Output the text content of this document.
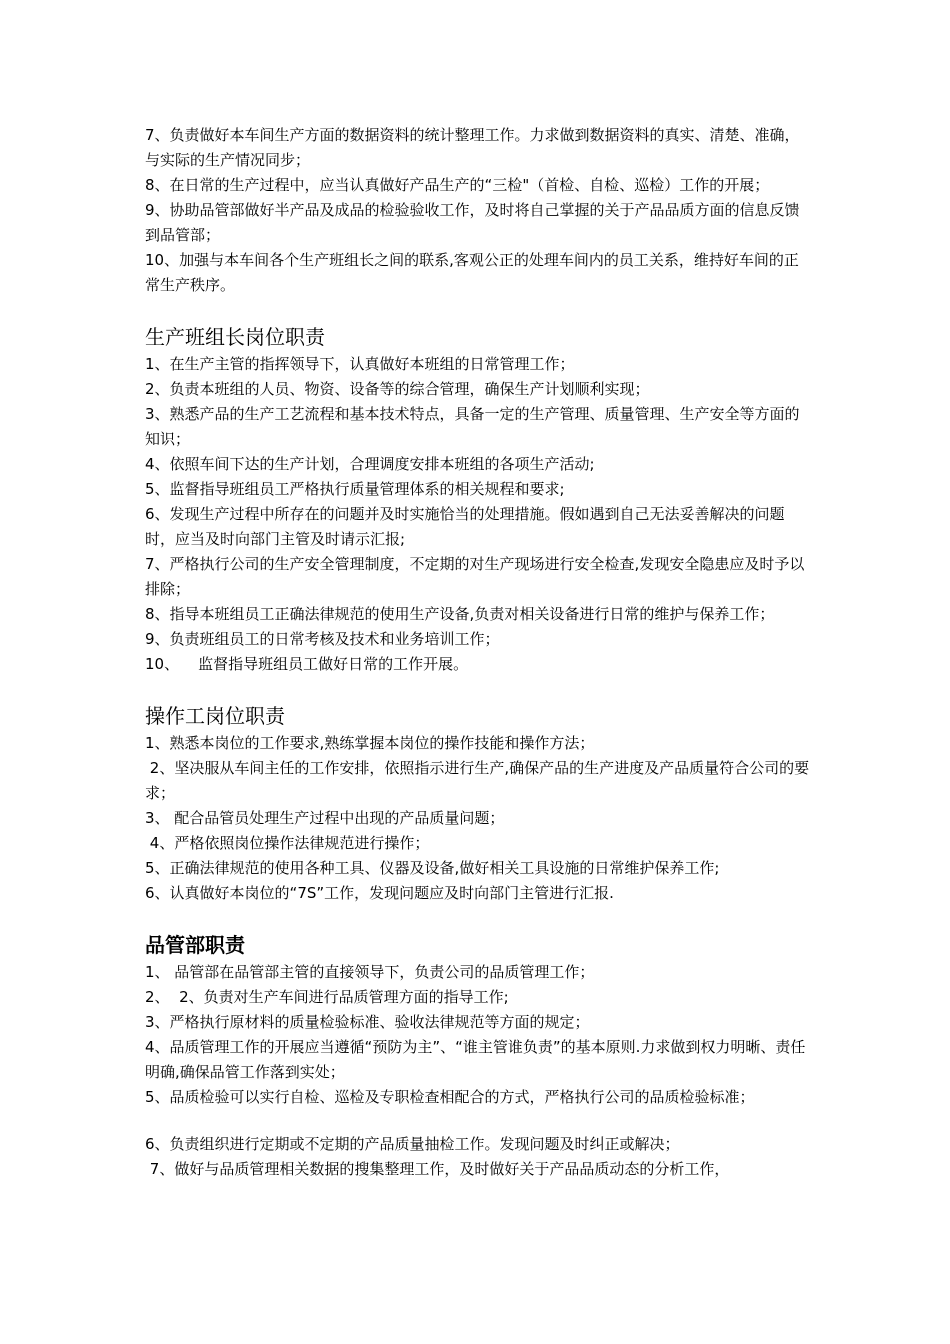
7、负责做好本车间生产方面的数据资料的统计整理工作。力求做到数据资料的真实、清楚、准确，与实际的生产情况同步；

8、在日常的生产过程中，应当认真做好产品生产的“三检"（首检、自检、巡检）工作的开展；

9、协助品管部做好半产品及成品的检验验收工作，及时将自己掌握的关于产品品质方面的信息反馈到品管部；

10、加强与本车间各个生产班组长之间的联系,客观公正的处理车间内的员工关系，维持好车间的正常生产秩序。

生产班组长岗位职责

1、在生产主管的指挥领导下，认真做好本班组的日常管理工作；

2、负责本班组的人员、物资、设备等的综合管理，确保生产计划顺利实现；

3、熟悉产品的生产工艺流程和基本技术特点，具备一定的生产管理、质量管理、生产安全等方面的知识；

4、依照车间下达的生产计划，合理调度安排本班组的各项生产活动;

5、监督指导班组员工严格执行质量管理体系的相关规程和要求;

6、发现生产过程中所存在的问题并及时实施恰当的处理措施。假如遇到自己无法妥善解决的问题时，应当及时向部门主管及时请示汇报;

7、严格执行公司的生产安全管理制度，不定期的对生产现场进行安全检查,发现安全隐患应及时予以排除；

8、指导本班组员工正确法律规范的使用生产设备,负责对相关设备进行日常的维护与保养工作；

9、负责班组员工的日常考核及技术和业务培训工作；

10、    监督指导班组员工做好日常的工作开展。

操作工岗位职责

1、熟悉本岗位的工作要求,熟练掌握本岗位的操作技能和操作方法；

2、坚决服从车间主任的工作安排，依照指示进行生产,确保产品的生产进度及产品质量符合公司的要求；

3、 配合品管员处理生产过程中出现的产品质量问题；

4、严格依照岗位操作法律规范进行操作；

5、正确法律规范的使用各种工具、仪器及设备,做好相关工具设施的日常维护保养工作;

6、认真做好本岗位的“7S”工作，发现问题应及时向部门主管进行汇报.

品管部职责

1、 品管部在品管部主管的直接领导下，负责公司的品质管理工作；

2、  2、负责对生产车间进行品质管理方面的指导工作;

3、严格执行原材料的质量检验标准、验收法律规范等方面的规定；

4、品质管理工作的开展应当遵循“预防为主”、“谁主管谁负责”的基本原则.力求做到权力明晰、责任明确,确保品管工作落到实处；

5、品质检验可以实行自检、巡检及专职检查相配合的方式，严格执行公司的品质检验标准；

6、负责组织进行定期或不定期的产品质量抽检工作。发现问题及时纠正或解决；

7、做好与品质管理相关数据的搜集整理工作，及时做好关于产品品质动态的分析工作，
